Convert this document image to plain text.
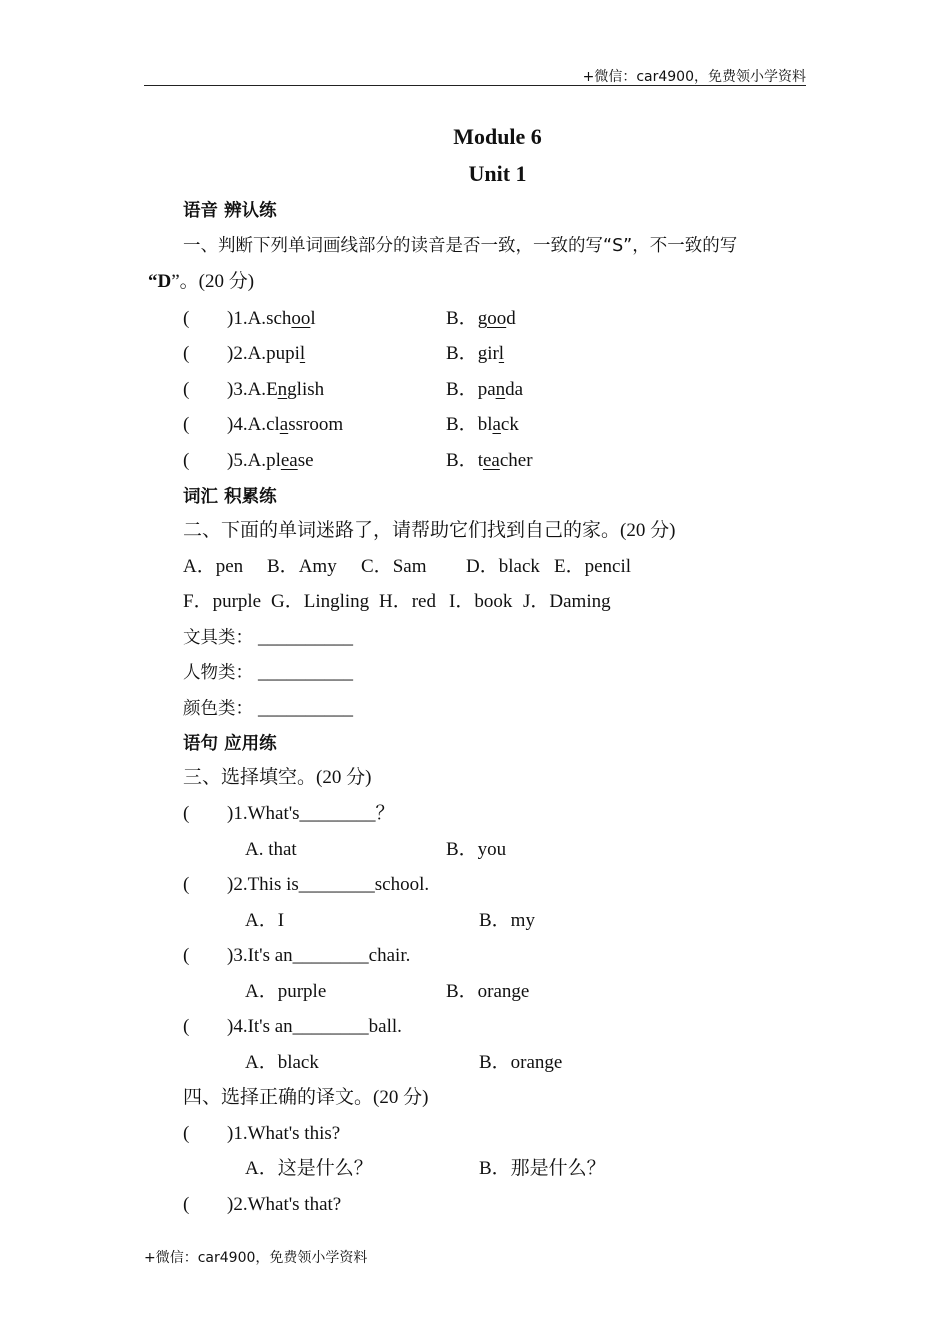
+微信：car4900，免费领小学资料
+微信：car4900，免费领小学资料
Module 6
Unit 1
语音 辨认练
一、判断下列单词画线部分的读音是否一致，一致的写“S”，不一致的写
“D”。(20 分)
( )1.A.school	B．good
( )2.A.pupil	B．girl
( )3.A.English	B．panda
( )4.A.classroom	B．black
( )5.A.please	B．teacher
词汇 积累练
二、下面的单词迷路了，请帮助它们找到自己的家。(20 分)
A．pen B．Amy C．Sam D．black E．pencil
F．purple G．Lingling H．red I．book J．Daming
文具类： __________
人物类： __________
颜色类： __________
语句 应用练
三、选择填空。(20 分)
( )1.What's________？
A. that	B．you
( )2.This is________school.
A．I	B．my
( )3.It's an________chair.
A．purple	B．orange
( )4.It's an________ball.
A．black	B．orange
四、选择正确的译文。(20 分)
( )1.What's this?
A．这是什么？	B．那是什么？
( )2.What's that?
